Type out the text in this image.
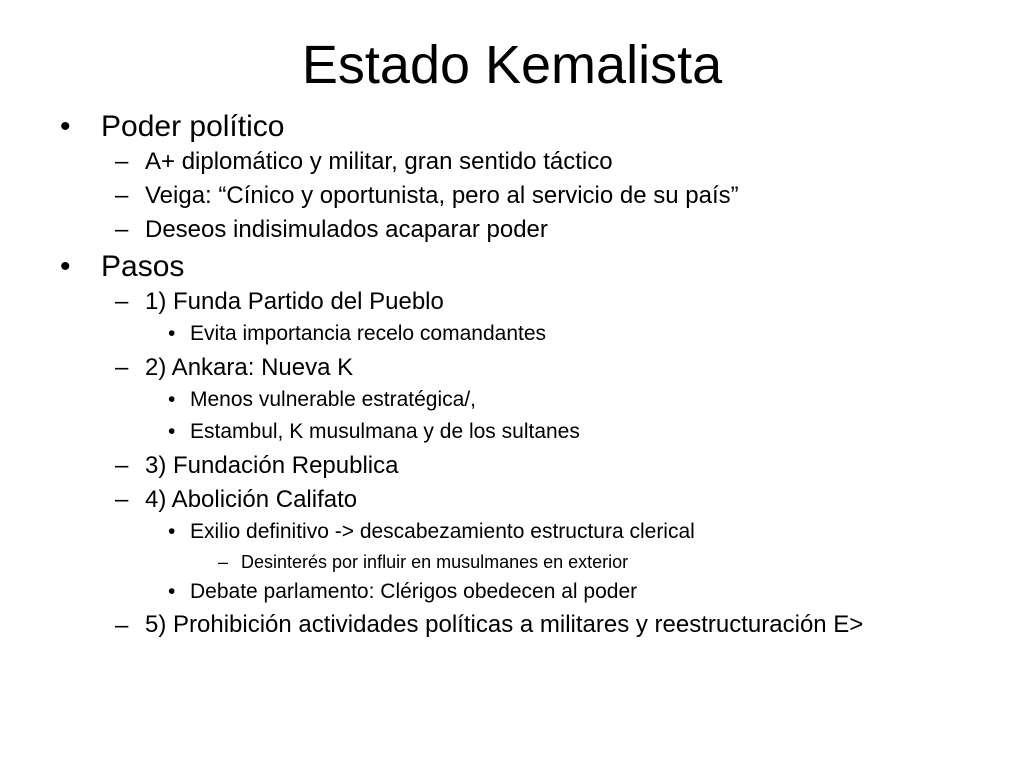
Estado Kemalista
• Poder político
– A+ diplomático y militar, gran sentido táctico
– Veiga: “Cínico y oportunista, pero al servicio de su país”
– Deseos indisimulados acaparar poder
• Pasos
– 1) Funda Partido del Pueblo
• Evita importancia recelo comandantes
– 2) Ankara: Nueva K
• Menos vulnerable estratégica/,
• Estambul, K musulmana y de los sultanes
– 3) Fundación Republica
– 4) Abolición Califato
• Exilio definitivo -> descabezamiento estructura clerical
– Desinterés por influir en musulmanes en exterior
• Debate parlamento: Clérigos obedecen al poder
– 5) Prohibición actividades políticas a militares y reestructuración E>
